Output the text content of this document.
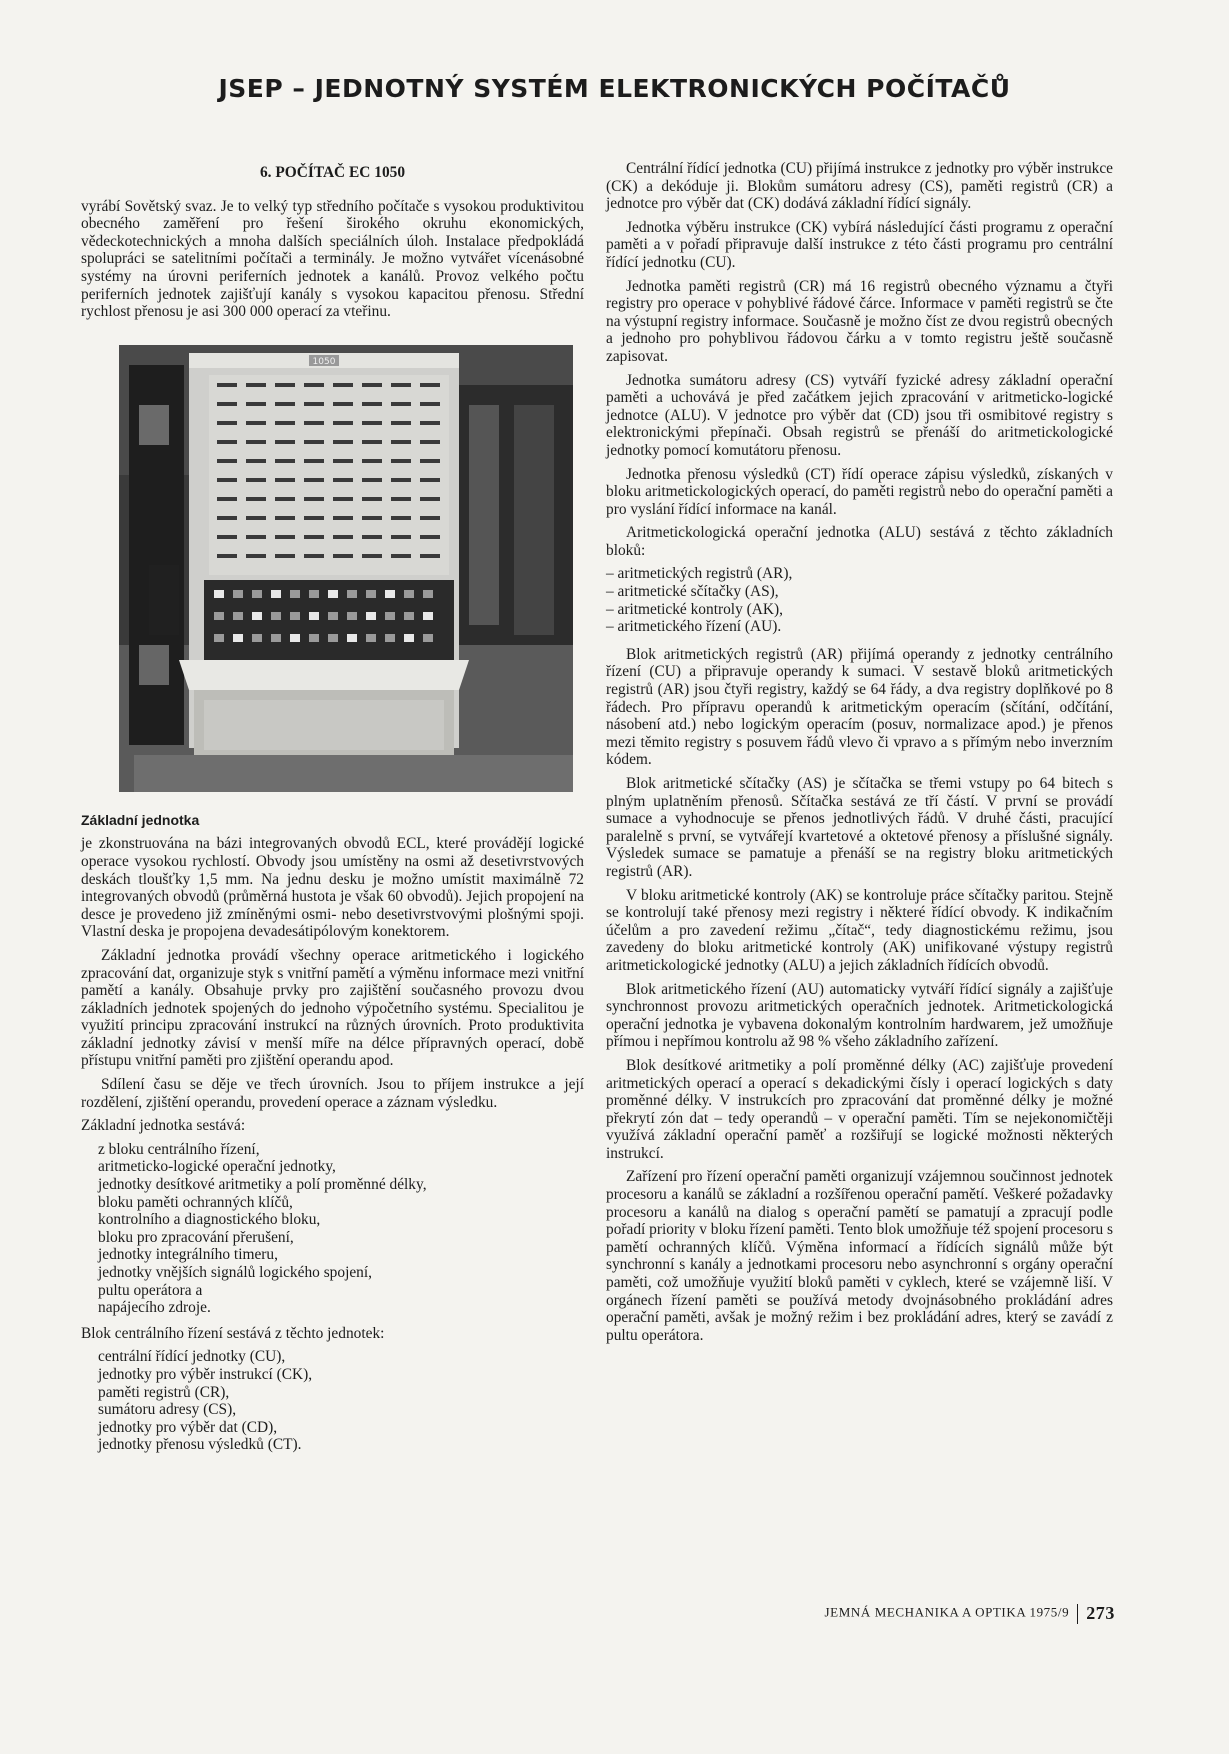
JSEP – JEDNOTNÝ SYSTÉM ELEKTRONICKÝCH POČÍTAČŮ
6. POČÍTAČ EC 1050

vyrábí Sovětský svaz. Je to velký typ středního počítače s vysokou produktivitou obecného zaměření pro řešení širokého okruhu ekonomických, vědeckotechnických a mnoha dalších speciálních úloh. Instalace předpokládá spolupráci se satelitními počítači a terminály. Je možno vytvářet vícenásobné systémy na úrovni periferních jednotek a kanálů. Provoz velkého počtu periferních jednotek zajišťují kanály s vysokou kapacitou přenosu. Střední rychlost přenosu je asi 300 000 operací za vteřinu.

1050
Základní jednotka

je zkonstruována na bázi integrovaných obvodů ECL, které provádějí logické operace vysokou rychlostí. Obvody jsou umístěny na osmi až desetivrstvových deskách tloušťky 1,5 mm. Na jednu desku je možno umístit maximálně 72 integrovaných obvodů (průměrná hustota je však 60 obvodů). Jejich propojení na desce je provedeno již zmíněnými osmi- nebo desetivrstvovými plošnými spoji. Vlastní deska je propojena devadesátipólovým konektorem.

Základní jednotka provádí všechny operace aritmetického i logického zpracování dat, organizuje styk s vnitřní pamětí a výměnu informace mezi vnitřní pamětí a kanály. Obsahuje prvky pro zajištění současného provozu dvou základních jednotek spojených do jednoho výpočetního systému. Specialitou je využití principu zpracování instrukcí na různých úrovních. Proto produktivita základní jednotky závisí v menší míře na délce přípravných operací, době přístupu vnitřní paměti pro zjištění operandu apod.

Sdílení času se děje ve třech úrovních. Jsou to příjem instrukce a její rozdělení, zjištění operandu, provedení operace a záznam výsledku.

Základní jednotka sestává:

z bloku centrálního řízení,
aritmeticko-logické operační jednotky,
jednotky desítkové aritmetiky a polí proměnné délky,
bloku paměti ochranných klíčů,
kontrolního a diagnostického bloku,
bloku pro zpracování přerušení,
jednotky integrálního timeru,
jednotky vnějších signálů logického spojení,
pultu operátora a
napájecího zdroje.

Blok centrálního řízení sestává z těchto jednotek:

centrální řídící jednotky (CU),
jednotky pro výběr instrukcí (CK),
paměti registrů (CR),
sumátoru adresy (CS),
jednotky pro výběr dat (CD),
jednotky přenosu výsledků (CT).

Centrální řídící jednotka (CU) přijímá instrukce z jednotky pro výběr instrukce (CK) a dekóduje ji. Blokům sumátoru adresy (CS), paměti registrů (CR) a jednotce pro výběr dat (CK) dodává základní řídící signály.

Jednotka výběru instrukce (CK) vybírá následující části programu z operační paměti a v pořadí připravuje další instrukce z této části programu pro centrální řídící jednotku (CU).

Jednotka paměti registrů (CR) má 16 registrů obecného významu a čtyři registry pro operace v pohyblivé řádové čárce. Informace v paměti registrů se čte na výstupní registry informace. Současně je možno číst ze dvou registrů obecných a jednoho pro pohyblivou řádovou čárku a v tomto registru ještě současně zapisovat.

Jednotka sumátoru adresy (CS) vytváří fyzické adresy základní operační paměti a uchovává je před začátkem jejich zpracování v aritmeticko-logické jednotce (ALU). V jednotce pro výběr dat (CD) jsou tři osmibitové registry s elektronickými přepínači. Obsah registrů se přenáší do aritmetickologické jednotky pomocí komutátoru přenosu.

Jednotka přenosu výsledků (CT) řídí operace zápisu výsledků, získaných v bloku aritmetickologických operací, do paměti registrů nebo do operační paměti a pro vyslání řídící informace na kanál.

Aritmetickologická operační jednotka (ALU) sestává z těchto základních bloků:

– aritmetických registrů (AR),
– aritmetické sčítačky (AS),
– aritmetické kontroly (AK),
– aritmetického řízení (AU).

Blok aritmetických registrů (AR) přijímá operandy z jednotky centrálního řízení (CU) a připravuje operandy k sumaci. V sestavě bloků aritmetických registrů (AR) jsou čtyři registry, každý se 64 řády, a dva registry doplňkové po 8 řádech. Pro přípravu operandů k aritmetickým operacím (sčítání, odčítání, násobení atd.) nebo logickým operacím (posuv, normalizace apod.) je přenos mezi těmito registry s posuvem řádů vlevo či vpravo a s přímým nebo inverzním kódem.

Blok aritmetické sčítačky (AS) je sčítačka se třemi vstupy po 64 bitech s plným uplatněním přenosů. Sčítačka sestává ze tří částí. V první se provádí sumace a vyhodnocuje se přenos jednotlivých řádů. V druhé části, pracující paralelně s první, se vytvářejí kvartetové a oktetové přenosy a příslušné signály. Výsledek sumace se pamatuje a přenáší se na registry bloku aritmetických registrů (AR).

V bloku aritmetické kontroly (AK) se kontroluje práce sčítačky paritou. Stejně se kontrolují také přenosy mezi registry i některé řídící obvody. K indikačním účelům a pro zavedení režimu „čítač“, tedy diagnostickému režimu, jsou zavedeny do bloku aritmetické kontroly (AK) unifikované výstupy registrů aritmetickologické jednotky (ALU) a jejich základních řídících obvodů.

Blok aritmetického řízení (AU) automaticky vytváří řídící signály a zajišťuje synchronnost provozu aritmetických operačních jednotek. Aritmetickologická operační jednotka je vybavena dokonalým kontrolním hardwarem, jež umožňuje přímou i nepřímou kontrolu až 98 % všeho základního zařízení.

Blok desítkové aritmetiky a polí proměnné délky (AC) zajišťuje provedení aritmetických operací a operací s dekadickými čísly i operací logických s daty proměnné délky. V instrukcích pro zpracování dat proměnné délky je možné překrytí zón dat – tedy operandů – v operační paměti. Tím se nejekonomičtěji využívá základní operační paměť a rozšiřují se logické možnosti některých instrukcí.

Zařízení pro řízení operační paměti organizují vzájemnou součinnost jednotek procesoru a kanálů se základní a rozšířenou operační pamětí. Veškeré požadavky procesoru a kanálů na dialog s operační pamětí se pamatují a zpracují podle pořadí priority v bloku řízení paměti. Tento blok umožňuje též spojení procesoru s pamětí ochranných klíčů. Výměna informací a řídících signálů může být synchronní s kanály a jednotkami procesoru nebo asynchronní s orgány operační paměti, což umožňuje využití bloků paměti v cyklech, které se vzájemně liší. V orgánech řízení paměti se používá metody dvojnásobného prokládání adres operační paměti, avšak je možný režim i bez prokládání adres, který se zavádí z pultu operátora.

JEMNÁ MECHANIKA A OPTIKA 1975/9 273
